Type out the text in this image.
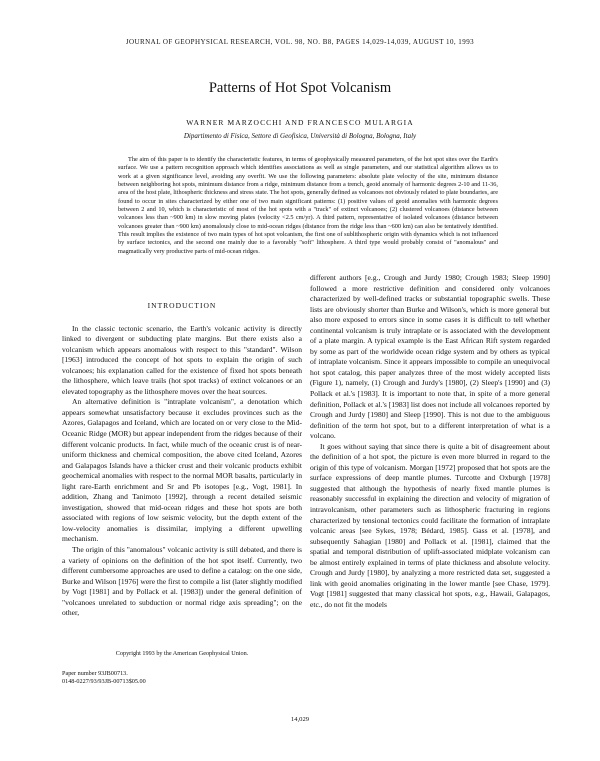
JOURNAL OF GEOPHYSICAL RESEARCH, VOL. 98, NO. B8, PAGES 14,029-14,039, AUGUST 10, 1993
Patterns of Hot Spot Volcanism
WARNER MARZOCCHI AND FRANCESCO MULARGIA
Dipartimento di Fisica, Settore di Geofisica, Università di Bologna, Bologna, Italy

The aim of this paper is to identify the characteristic features, in terms of geophysically measured parameters, of the hot spot sites over the Earth's surface. We use a pattern recognition approach which identifies associations as well as single parameters, and our statistical algorithm allows us to work at a given significance level, avoiding any overfit. We use the following parameters: absolute plate velocity of the site, minimum distance between neighboring hot spots, minimum distance from a ridge, minimum distance from a trench, geoid anomaly of harmonic degrees 2-10 and 11-36, area of the host plate, lithospheric thickness and stress state. The hot spots, generally defined as volcanoes not obviously related to plate boundaries, are found to occur in sites characterized by either one of two main significant patterns: (1) positive values of geoid anomalies with harmonic degrees between 2 and 10, which is characteristic of most of the hot spots with a "track" of extinct volcanoes; (2) clustered volcanoes (distance between volcanoes less than ~900 km) in slow moving plates (velocity <2.5 cm/yr). A third pattern, representative of isolated volcanoes (distance between volcanoes greater than ~900 km) anomalously close to mid-ocean ridges (distance from the ridge less than ~600 km) can also be tentatively identified. This result implies the existence of two main types of hot spot volcanism, the first one of sublithospheric origin with dynamics which is not influenced by surface tectonics, and the second one mainly due to a favorably "soft" lithosphere. A third type would probably consist of "anomalous" and magmatically very productive parts of mid-ocean ridges.

INTRODUCTION

In the classic tectonic scenario, the Earth's volcanic activity is directly linked to divergent or subducting plate margins. But there exists also a volcanism which appears anomalous with respect to this "standard". Wilson [1963] introduced the concept of hot spots to explain the origin of such volcanoes; his explanation called for the existence of fixed hot spots beneath the lithosphere, which leave trails (hot spot tracks) of extinct volcanoes or an elevated topography as the lithosphere moves over the heat sources.

An alternative definition is "intraplate volcanism", a denotation which appears somewhat unsatisfactory because it excludes provinces such as the Azores, Galapagos and Iceland, which are located on or very close to the Mid-Oceanic Ridge (MOR) but appear independent from the ridges because of their different volcanic products. In fact, while much of the oceanic crust is of near-uniform thickness and chemical composition, the above cited Iceland, Azores and Galapagos Islands have a thicker crust and their volcanic products exhibit geochemical anomalies with respect to the normal MOR basalts, particularly in light rare-Earth enrichment and Sr and Pb isotopes [e.g., Vogt, 1981]. In addition, Zhang and Tanimoto [1992], through a recent detailed seismic investigation, showed that mid-ocean ridges and these hot spots are both associated with regions of low seismic velocity, but the depth extent of the low-velocity anomalies is dissimilar, implying a different upwelling mechanism.

The origin of this "anomalous" volcanic activity is still debated, and there is a variety of opinions on the definition of the hot spot itself. Currently, two different cumbersome approaches are used to define a catalog: on the one side, Burke and Wilson [1976] were the first to compile a list (later slightly modified by Vogt [1981] and by Pollack et al. [1983]) under the general definition of "volcanoes unrelated to subduction or normal ridge axis spreading"; on the other,

Copyright 1993 by the American Geophysical Union.
Paper number 93JB00713.
0148-0227/93/93JB-00713$05.00

different authors [e.g., Crough and Jurdy 1980; Crough 1983; Sleep 1990] followed a more restrictive definition and considered only volcanoes characterized by well-defined tracks or substantial topographic swells. These lists are obviously shorter than Burke and Wilson's, which is more general but also more exposed to errors since in some cases it is difficult to tell whether continental volcanism is truly intraplate or is associated with the development of a plate margin. A typical example is the East African Rift system regarded by some as part of the worldwide ocean ridge system and by others as typical of intraplate volcanism. Since it appears impossible to compile an unequivocal hot spot catalog, this paper analyzes three of the most widely accepted lists (Figure 1), namely, (1) Crough and Jurdy's [1980], (2) Sleep's [1990] and (3) Pollack et al.'s [1983]. It is important to note that, in spite of a more general definition, Pollack et al.'s [1983] list does not include all volcanoes reported by Crough and Jurdy [1980] and Sleep [1990]. This is not due to the ambiguous definition of the term hot spot, but to a different interpretation of what is a volcano.

It goes without saying that since there is quite a bit of disagreement about the definition of a hot spot, the picture is even more blurred in regard to the origin of this type of volcanism. Morgan [1972] proposed that hot spots are the surface expressions of deep mantle plumes. Turcotte and Oxburgh [1978] suggested that although the hypothesis of nearly fixed mantle plumes is reasonably successful in explaining the direction and velocity of migration of intravolcanism, other parameters such as lithospheric fracturing in regions characterized by tensional tectonics could facilitate the formation of intraplate volcanic areas [see Sykes, 1978; Bédard, 1985]. Gass et al. [1978], and subsequently Sahagian [1980] and Pollack et al. [1981], claimed that the spatial and temporal distribution of uplift-associated midplate volcanism can be almost entirely explained in terms of plate thickness and absolute velocity. Crough and Jurdy [1980], by analyzing a more restricted data set, suggested a link with geoid anomalies originating in the lower mantle [see Chase, 1979]. Vogt [1981] suggested that many classical hot spots, e.g., Hawaii, Galapagos, etc., do not fit the models

14,029
